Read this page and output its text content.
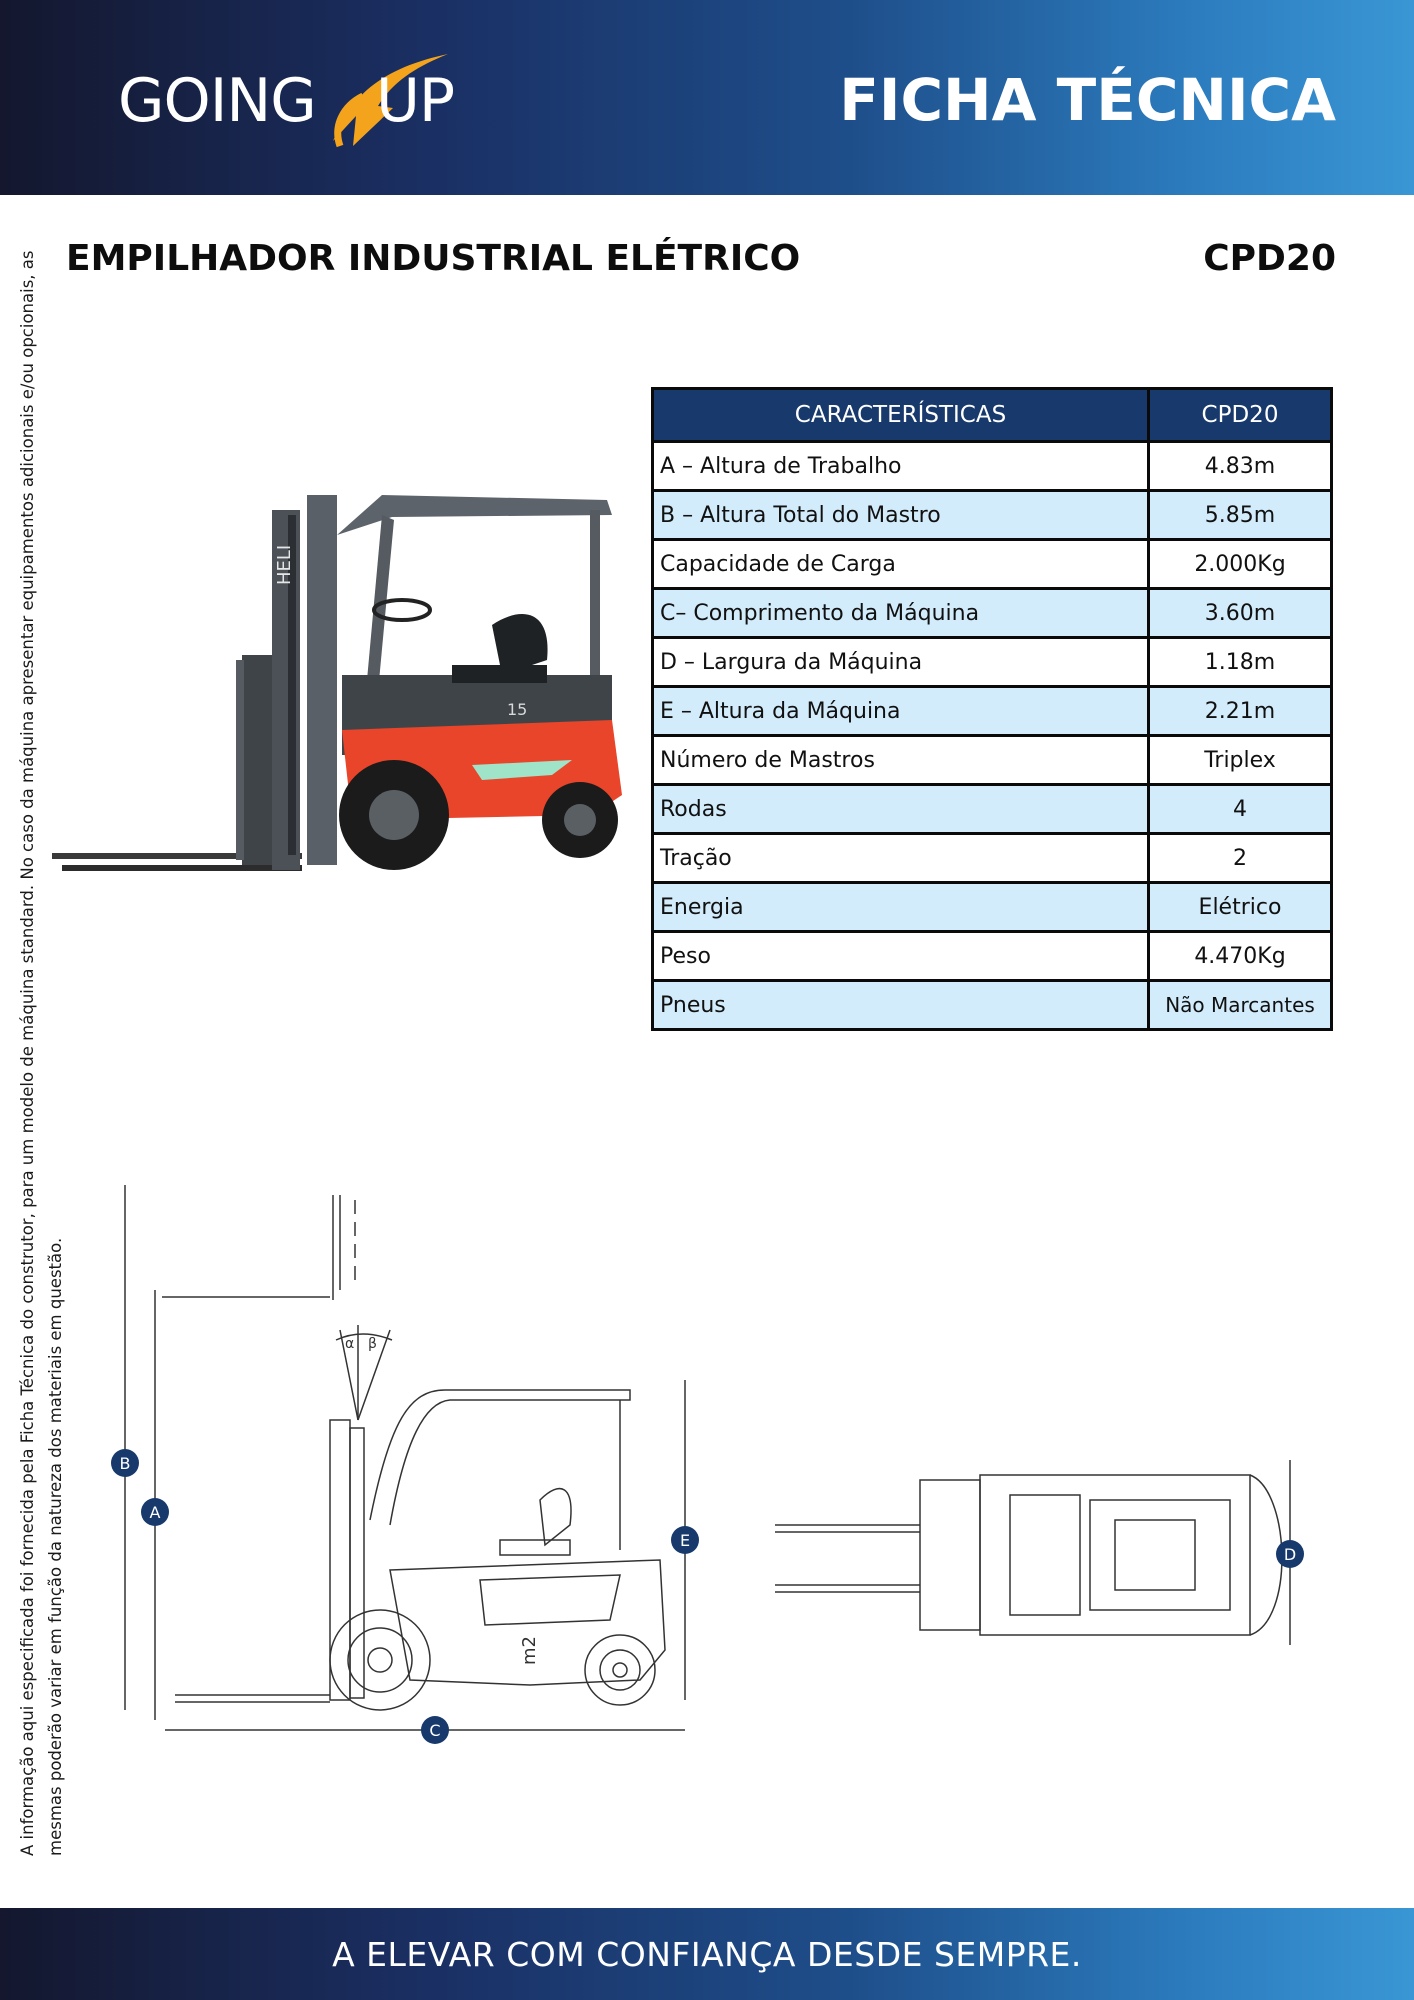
GOING UP	FICHA TÉCNICA
EMPILHADOR INDUSTRIAL ELÉTRICO	CPD20
A informação aqui especificada foi fornecida pela Ficha Técnica do construtor, para um modelo de máquina standard. No caso da máquina apresentar equipamentos adicionais e/ou opcionais, as mesmas poderão variar em função da natureza dos materiais em questão.
15
HELI
CARACTERÍSTICAS	CPD20
A – Altura de Trabalho	4.83m
B – Altura Total do Mastro	5.85m
Capacidade de Carga	2.000Kg
C– Comprimento da Máquina	3.60m
D – Largura da Máquina	1.18m
E – Altura da Máquina	2.21m
Número de Mastros	Triplex
Rodas	4
Tração	2
Energia	Elétrico
Peso	4.470Kg
Pneus	Não Marcantes
α β
m2
B
A
E
C
D
A ELEVAR COM CONFIANÇA DESDE SEMPRE.
